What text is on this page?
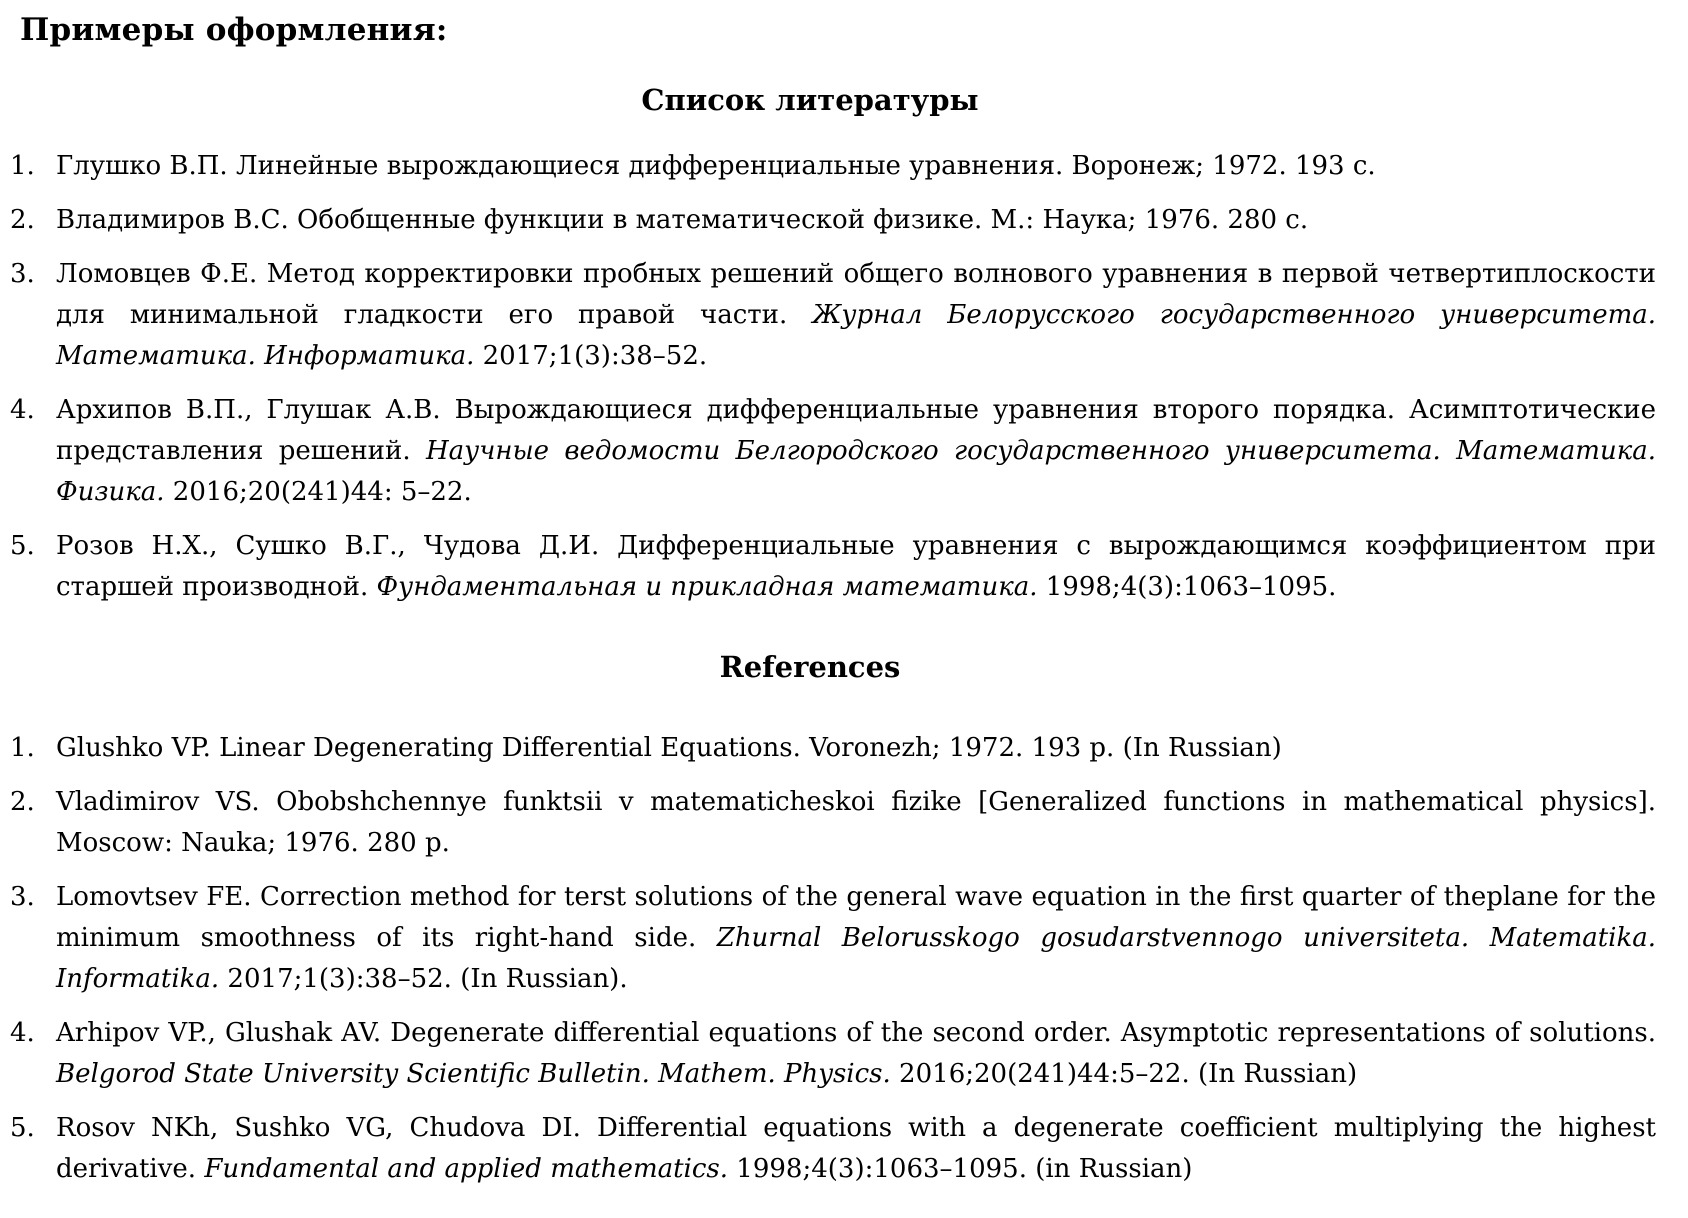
Примеры оформления:
Список литературы
1. Глушко В.П. Линейные вырождающиеся дифференциальные уравнения. Воронеж; 1972. 193 с.
2. Владимиров В.С. Обобщенные функции в математической физике. М.: Наука; 1976. 280 с.
3. Ломовцев Ф.Е. Метод корректировки пробных решений общего волнового уравнения в первой четвертиплоскости для минимальной гладкости его правой части. Журнал Белорусского государственного университета. Математика. Информатика. 2017;1(3):38–52.
4. Архипов В.П., Глушак А.В. Вырождающиеся дифференциальные уравнения второго порядка. Асимптотические представления решений. Научные ведомости Белгородского государственного университета. Математика. Физика. 2016;20(241)44: 5–22.
5. Розов Н.Х., Сушко В.Г., Чудова Д.И. Дифференциальные уравнения с вырождающимся коэффициентом при старшей производной. Фундаментальная и прикладная математика. 1998;4(3):1063–1095.
References
1. Glushko VP. Linear Degenerating Differential Equations. Voronezh; 1972. 193 p. (In Russian)
2. Vladimirov VS. Obobshchennye funktsii v matematicheskoi fizike [Generalized functions in mathematical physics]. Moscow: Nauka; 1976. 280 p.
3. Lomovtsev FE. Correction method for terst solutions of the general wave equation in the first quarter of theplane for the minimum smoothness of its right-hand side. Zhurnal Belorusskogo gosudarstvennogo universiteta. Matematika. Informatika. 2017;1(3):38–52. (In Russian).
4. Arhipov VP., Glushak AV. Degenerate differential equations of the second order. Asymptotic representations of solutions. Belgorod State University Scientific Bulletin. Mathem. Physics. 2016;20(241)44:5–22. (In Russian)
5. Rosov NKh, Sushko VG, Chudova DI. Differential equations with a degenerate coefficient multiplying the highest derivative. Fundamental and applied mathematics. 1998;4(3):1063–1095. (in Russian)
